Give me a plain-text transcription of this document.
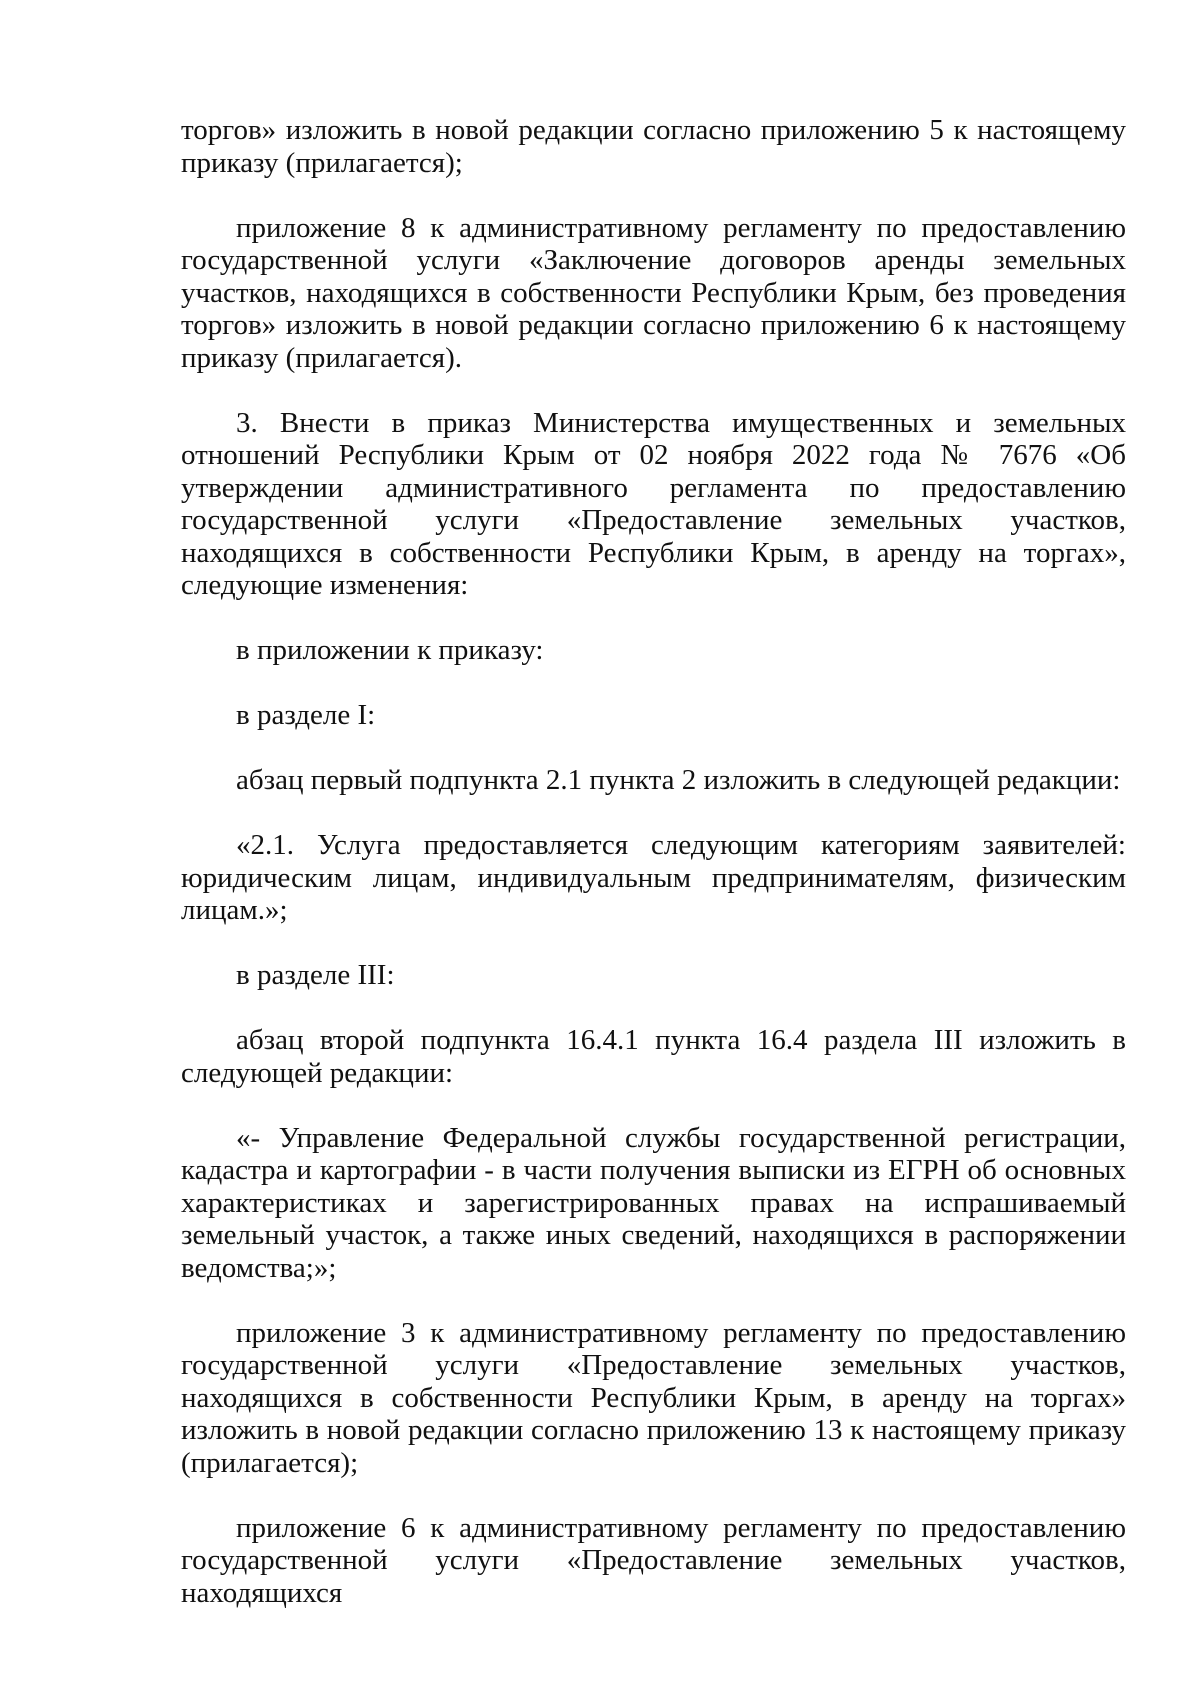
торгов» изложить в новой редакции согласно приложению 5 к настоящему приказу (прилагается);

приложение 8 к административному регламенту по предоставлению государственной услуги «Заключение договоров аренды земельных участков, находящихся в собственности Республики Крым, без проведения торгов» изложить в новой редакции согласно приложению 6 к настоящему приказу (прилагается).

3. Внести в приказ Министерства имущественных и земельных отношений Республики Крым от 02 ноября 2022 года № 7676 «Об утверждении административного регламента по предоставлению государственной услуги «Предоставление земельных участков, находящихся в собственности Республики Крым, в аренду на торгах», следующие изменения:

в приложении к приказу:

в разделе I:

абзац первый подпункта 2.1 пункта 2 изложить в следующей редакции:

«2.1. Услуга предоставляется следующим категориям заявителей: юридическим лицам, индивидуальным предпринимателям, физическим лицам.»;

в разделе III:

абзац второй подпункта 16.4.1 пункта 16.4 раздела III изложить в следующей редакции:

«- Управление Федеральной службы государственной регистрации, кадастра и картографии - в части получения выписки из ЕГРН об основных характеристиках и зарегистрированных правах на испрашиваемый земельный участок, а также иных сведений, находящихся в распоряжении ведомства;»;

приложение 3 к административному регламенту по предоставлению государственной услуги «Предоставление земельных участков, находящихся в собственности Республики Крым, в аренду на торгах» изложить в новой редакции согласно приложению 13 к настоящему приказу (прилагается);

приложение 6 к административному регламенту по предоставлению государственной услуги «Предоставление земельных участков, находящихся
